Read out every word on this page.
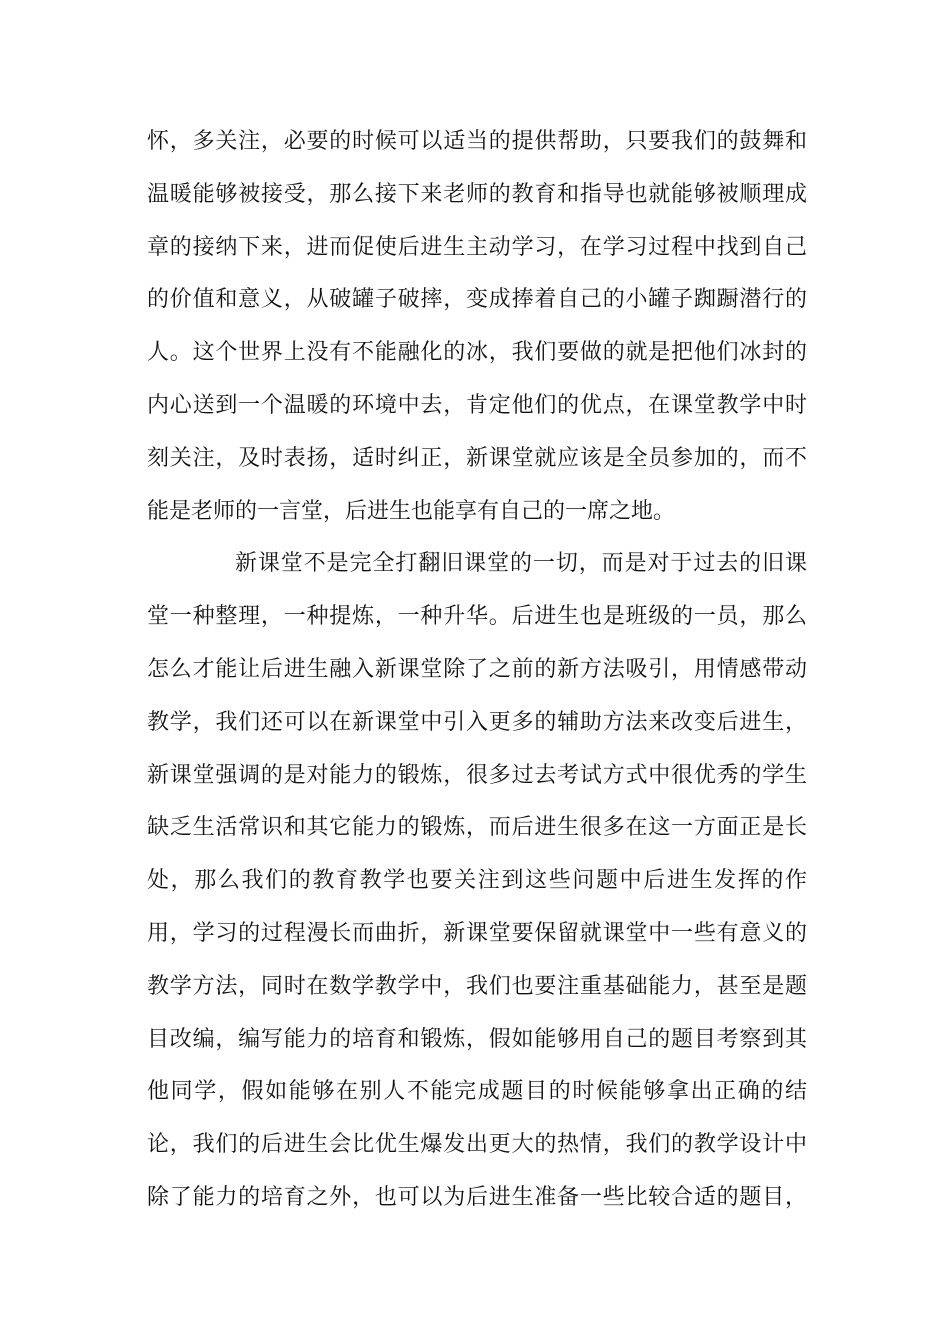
怀，多关注，必要的时候可以适当的提供帮助，只要我们的鼓舞和
温暖能够被接受，那么接下来老师的教育和指导也就能够被顺理成
章的接纳下来，进而促使后进生主动学习，在学习过程中找到自己
的价值和意义，从破罐子破摔，变成捧着自己的小罐子踟蹰潜行的
人。这个世界上没有不能融化的冰，我们要做的就是把他们冰封的
内心送到一个温暖的环境中去，肯定他们的优点，在课堂教学中时
刻关注，及时表扬，适时纠正，新课堂就应该是全员参加的，而不
能是老师的一言堂，后进生也能享有自己的一席之地。
新课堂不是完全打翻旧课堂的一切，而是对于过去的旧课
堂一种整理，一种提炼，一种升华。后进生也是班级的一员，那么
怎么才能让后进生融入新课堂除了之前的新方法吸引，用情感带动
教学，我们还可以在新课堂中引入更多的辅助方法来改变后进生，
新课堂强调的是对能力的锻炼，很多过去考试方式中很优秀的学生
缺乏生活常识和其它能力的锻炼，而后进生很多在这一方面正是长
处，那么我们的教育教学也要关注到这些问题中后进生发挥的作
用，学习的过程漫长而曲折，新课堂要保留就课堂中一些有意义的
教学方法，同时在数学教学中，我们也要注重基础能力，甚至是题
目改编，编写能力的培育和锻炼，假如能够用自己的题目考察到其
他同学，假如能够在别人不能完成题目的时候能够拿出正确的结
论，我们的后进生会比优生爆发出更大的热情，我们的教学设计中
除了能力的培育之外，也可以为后进生准备一些比较合适的题目，
